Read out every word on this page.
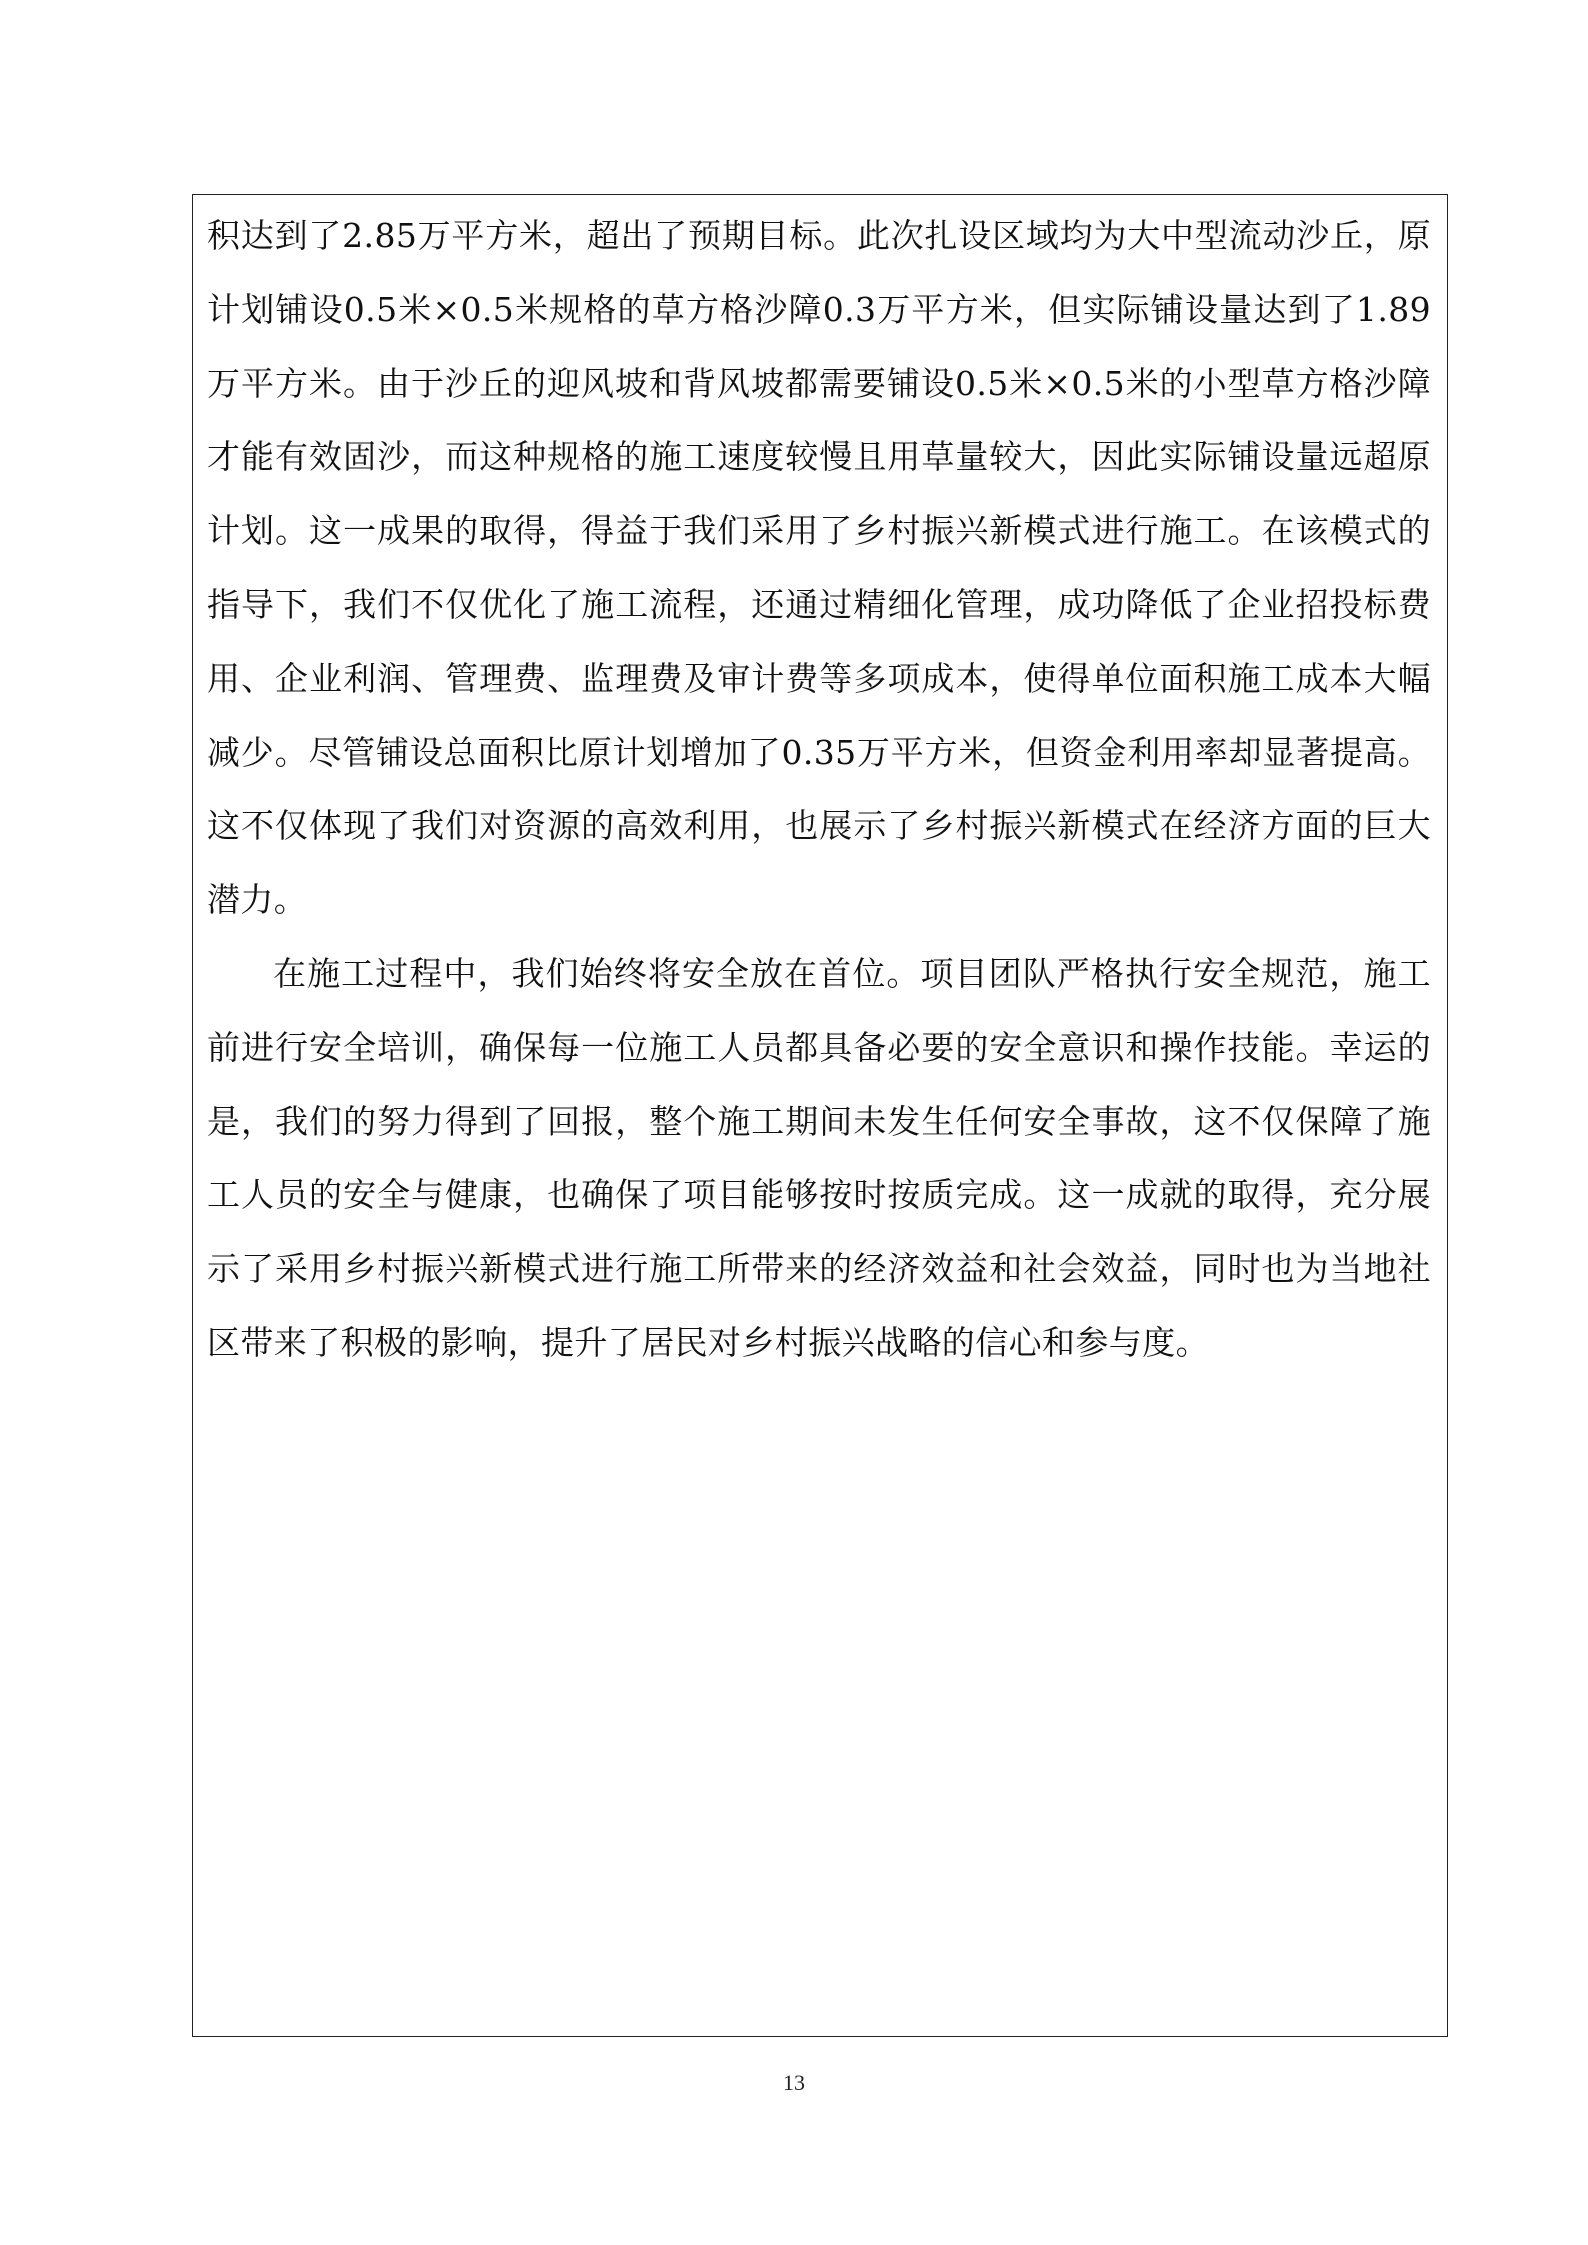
积达到了2.85万平方米，超出了预期目标。此次扎设区域均为大中型流动沙丘，原计划铺设0.5米×0.5米规格的草方格沙障0.3万平方米，但实际铺设量达到了1.89万平方米。由于沙丘的迎风坡和背风坡都需要铺设0.5米×0.5米的小型草方格沙障才能有效固沙，而这种规格的施工速度较慢且用草量较大，因此实际铺设量远超原计划。这一成果的取得，得益于我们采用了乡村振兴新模式进行施工。在该模式的指导下，我们不仅优化了施工流程，还通过精细化管理，成功降低了企业招投标费用、企业利润、管理费、监理费及审计费等多项成本，使得单位面积施工成本大幅减少。尽管铺设总面积比原计划增加了0.35万平方米，但资金利用率却显著提高。这不仅体现了我们对资源的高效利用，也展示了乡村振兴新模式在经济方面的巨大潜力。

在施工过程中，我们始终将安全放在首位。项目团队严格执行安全规范，施工前进行安全培训，确保每一位施工人员都具备必要的安全意识和操作技能。幸运的是，我们的努力得到了回报，整个施工期间未发生任何安全事故，这不仅保障了施工人员的安全与健康，也确保了项目能够按时按质完成。这一成就的取得，充分展示了采用乡村振兴新模式进行施工所带来的经济效益和社会效益，同时也为当地社区带来了积极的影响，提升了居民对乡村振兴战略的信心和参与度。

13
